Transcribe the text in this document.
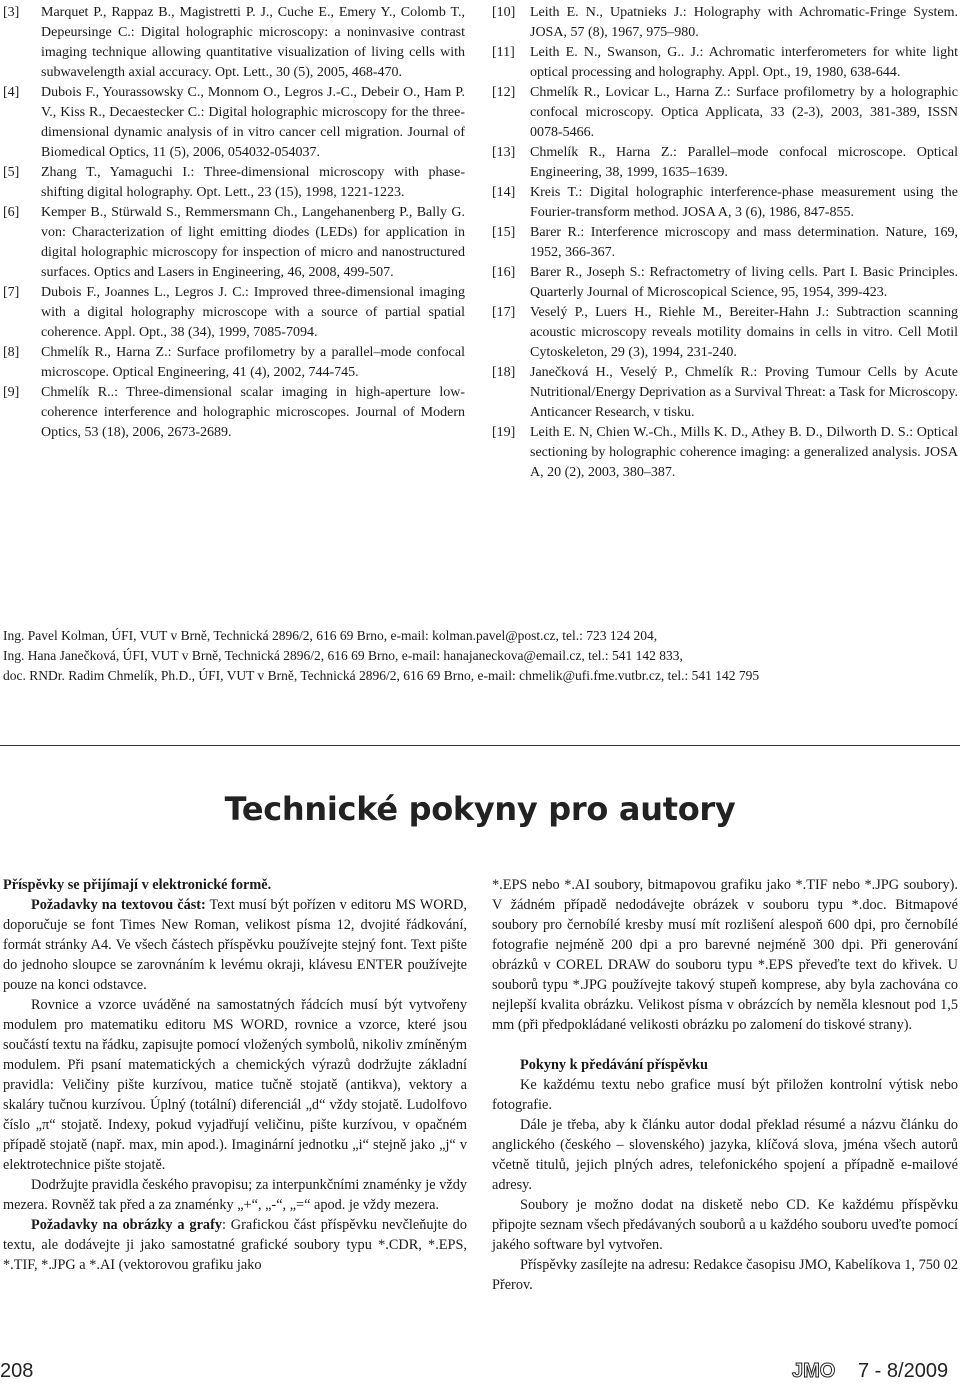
[3] Marquet P., Rappaz B., Magistretti P. J., Cuche E., Emery Y., Colomb T., Depeursinge C.: Digital holographic microscopy: a noninvasive contrast imaging technique allowing quantitative visualization of living cells with subwavelength axial accuracy. Opt. Lett., 30 (5), 2005, 468-470.
[4] Dubois F., Yourassowsky C., Monnom O., Legros J.-C., Debeir O., Ham P. V., Kiss R., Decaestecker C.: Digital holographic microscopy for the three-dimensional dynamic analysis of in vitro cancer cell migration. Journal of Biomedical Optics, 11 (5), 2006, 054032-054037.
[5] Zhang T., Yamaguchi I.: Three-dimensional microscopy with phase-shifting digital holography. Opt. Lett., 23 (15), 1998, 1221-1223.
[6] Kemper B., Stürwald S., Remmersmann Ch., Langehanenberg P., Bally G. von: Characterization of light emitting diodes (LEDs) for application in digital holographic microscopy for inspection of micro and nanostructured surfaces. Optics and Lasers in Engineering, 46, 2008, 499-507.
[7] Dubois F., Joannes L., Legros J. C.: Improved three-dimensional imaging with a digital holography microscope with a source of partial spatial coherence. Appl. Opt., 38 (34), 1999, 7085-7094.
[8] Chmelík R., Harna Z.: Surface profilometry by a parallel–mode confocal microscope. Optical Engineering, 41 (4), 2002, 744-745.
[9] Chmelík R..: Three-dimensional scalar imaging in high-aperture low-coherence interference and holographic microscopes. Journal of Modern Optics, 53 (18), 2006, 2673-2689.
[10] Leith E. N., Upatnieks J.: Holography with Achromatic-Fringe System. JOSA, 57 (8), 1967, 975–980.
[11] Leith E. N., Swanson, G.. J.: Achromatic interferometers for white light optical processing and holography. Appl. Opt., 19, 1980, 638-644.
[12] Chmelík R., Lovicar L., Harna Z.: Surface profilometry by a holographic confocal microscopy. Optica Applicata, 33 (2-3), 2003, 381-389, ISSN 0078-5466.
[13] Chmelík R., Harna Z.: Parallel–mode confocal microscope. Optical Engineering, 38, 1999, 1635–1639.
[14] Kreis T.: Digital holographic interference-phase measurement using the Fourier-transform method. JOSA A, 3 (6), 1986, 847-855.
[15] Barer R.: Interference microscopy and mass determination. Nature, 169, 1952, 366-367.
[16] Barer R., Joseph S.: Refractometry of living cells. Part I. Basic Principles. Quarterly Journal of Microscopical Science, 95, 1954, 399-423.
[17] Veselý P., Luers H., Riehle M., Bereiter-Hahn J.: Subtraction scanning acoustic microscopy reveals motility domains in cells in vitro. Cell Motil Cytoskeleton, 29 (3), 1994, 231-240.
[18] Janečková H., Veselý P., Chmelík R.: Proving Tumour Cells by Acute Nutritional/Energy Deprivation as a Survival Threat: a Task for Microscopy. Anticancer Research, v tisku.
[19] Leith E. N, Chien W.-Ch., Mills K. D., Athey B. D., Dilworth D. S.: Optical sectioning by holographic coherence imaging: a generalized analysis. JOSA A, 20 (2), 2003, 380–387.
Ing. Pavel Kolman, ÚFI, VUT v Brně, Technická 2896/2, 616 69 Brno, e-mail: kolman.pavel@post.cz, tel.: 723 124 204,
Ing. Hana Janečková, ÚFI, VUT v Brně, Technická 2896/2, 616 69 Brno, e-mail: hanajaneckova@email.cz, tel.: 541 142 833,
doc. RNDr. Radim Chmelík, Ph.D., ÚFI, VUT v Brně, Technická 2896/2, 616 69 Brno, e-mail: chmelik@ufi.fme.vutbr.cz, tel.: 541 142 795
Technické pokyny pro autory
Příspěvky se přijímají v elektronické formě.

Požadavky na textovou část: Text musí být pořízen v editoru MS WORD, doporučuje se font Times New Roman, velikost písma 12, dvojité řádkování, formát stránky A4. Ve všech částech příspěvku používejte stejný font. Text pište do jednoho sloupce se zarovnáním k levému okraji, klávesu ENTER používejte pouze na konci odstavce.

Rovnice a vzorce uváděné na samostatných řádcích musí být vytvořeny modulem pro matematiku editoru MS WORD, rovnice a vzorce, které jsou součástí textu na řádku, zapisujte pomocí vložených symbolů, nikoliv zmíněným modulem. Při psaní matematických a chemických výrazů dodržujte základní pravidla: Veličiny pište kurzívou, matice tučně stojatě (antikva), vektory a skaláry tučnou kurzívou. Úplný (totální) diferenciál „d“ vždy stojatě. Ludolfovo číslo „π“ stojatě. Indexy, pokud vyjadřují veličinu, pište kurzívou, v opačném případě stojatě (např. max, min apod.). Imaginární jednotku „i“ stejně jako „j“ v elektrotechnice pište stojatě.

Dodržujte pravidla českého pravopisu; za interpunkčními znaménky je vždy mezera. Rovněž tak před a za znaménky „+“, „-“, „=“ apod. je vždy mezera.

Požadavky na obrázky a grafy: Grafickou část příspěvku nevčleňujte do textu, ale dodávejte ji jako samostatné grafické soubory typu *.CDR, *.EPS, *.TIF, *.JPG a *.AI (vektorovou grafiku jako

*.EPS nebo *.AI soubory, bitmapovou grafiku jako *.TIF nebo *.JPG soubory). V žádném případě nedodávejte obrázek v souboru typu *.doc. Bitmapové soubory pro černobílé kresby musí mít rozlišení alespoň 600 dpi, pro černobílé fotografie nejméně 200 dpi a pro barevné nejméně 300 dpi. Při generování obrázků v COREL DRAW do souboru typu *.EPS převeďte text do křivek. U souborů typu *.JPG používejte takový stupeň komprese, aby byla zachována co nejlepší kvalita obrázku. Velikost písma v obrázcích by neměla klesnout pod 1,5 mm (při předpokládané velikosti obrázku po zalomení do tiskové strany).

Pokyny k předávání příspěvku

Ke každému textu nebo grafice musí být přiložen kontrolní výtisk nebo fotografie.

Dále je třeba, aby k článku autor dodal překlad résumé a názvu článku do anglického (českého – slovenského) jazyka, klíčová slova, jména všech autorů včetně titulů, jejich plných adres, telefonického spojení a případně e-mailové adresy.

Soubory je možno dodat na disketě nebo CD. Ke každému příspěvku připojte seznam všech předávaných souborů a u každého souboru uveďte pomocí jakého software byl vytvořen.

Příspěvky zasílejte na adresu: Redakce časopisu JMO, Kabelíkova 1, 750 02 Přerov.

208	JMO 7 - 8/2009
